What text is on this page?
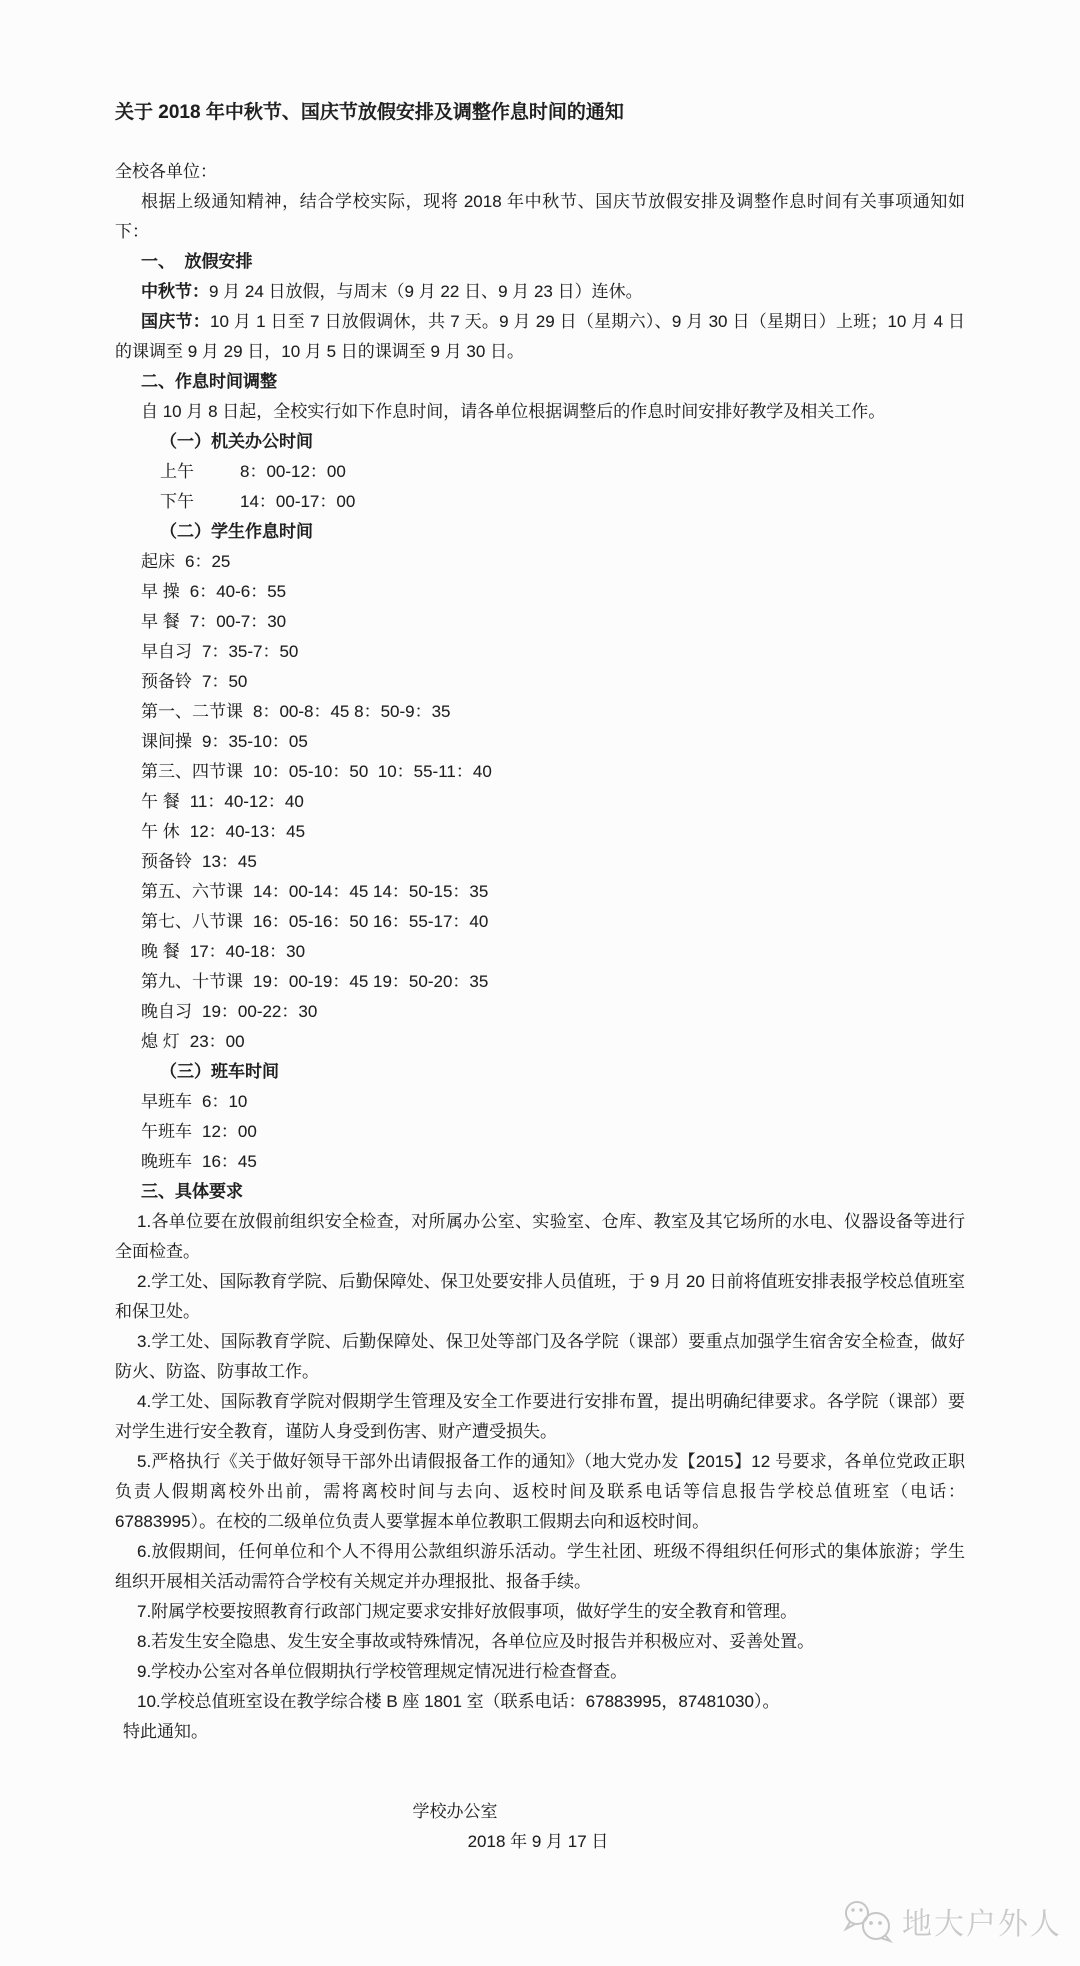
关于 2018 年中秋节、国庆节放假安排及调整作息时间的通知

全校各单位：

根据上级通知精神，结合学校实际，现将 2018 年中秋节、国庆节放假安排及调整作息时间有关事项通知如下：

一、  放假安排

中秋节：9 月 24 日放假，与周末（9 月 22 日、9 月 23 日）连休。

国庆节：10 月 1 日至 7 日放假调休，共 7 天。9 月 29 日（星期六）、9 月 30 日（星期日）上班；10 月 4 日的课调至 9 月 29 日，10 月 5 日的课调至 9 月 30 日。

二、作息时间调整

自 10 月 8 日起，全校实行如下作息时间，请各单位根据调整后的作息时间安排好教学及相关工作。

（一）机关办公时间

上午	8：00-12：00
下午	14：00-17：00

（二）学生作息时间

起床 6：25
早 操 6：40-6：55
早 餐 7：00-7：30
早自习 7：35-7：50
预备铃 7：50
第一、二节课 8：00-8：45 8：50-9：35
课间操 9：35-10：05
第三、四节课 10：05-10：50  10：55-11：40
午 餐 11：40-12：40
午 休 12：40-13：45
预备铃 13：45
第五、六节课 14：00-14：45 14：50-15：35
第七、八节课 16：05-16：50 16：55-17：40
晚 餐 17：40-18：30
第九、十节课 19：00-19：45 19：50-20：35
晚自习 19：00-22：30
熄 灯 23：00

（三）班车时间

早班车 6：10
午班车 12：00
晚班车 16：45

三、具体要求

1.各单位要在放假前组织安全检查，对所属办公室、实验室、仓库、教室及其它场所的水电、仪器设备等进行全面检查。

2.学工处、国际教育学院、后勤保障处、保卫处要安排人员值班，于 9 月 20 日前将值班安排表报学校总值班室和保卫处。

3.学工处、国际教育学院、后勤保障处、保卫处等部门及各学院（课部）要重点加强学生宿舍安全检查，做好防火、防盗、防事故工作。

4.学工处、国际教育学院对假期学生管理及安全工作要进行安排布置，提出明确纪律要求。各学院（课部）要对学生进行安全教育，谨防人身受到伤害、财产遭受损失。

5.严格执行《关于做好领导干部外出请假报备工作的通知》（地大党办发【2015】12 号要求，各单位党政正职负责人假期离校外出前，需将离校时间与去向、返校时间及联系电话等信息报告学校总值班室（电话：67883995）。在校的二级单位负责人要掌握本单位教职工假期去向和返校时间。

6.放假期间，任何单位和个人不得用公款组织游乐活动。学生社团、班级不得组织任何形式的集体旅游；学生组织开展相关活动需符合学校有关规定并办理报批、报备手续。

7.附属学校要按照教育行政部门规定要求安排好放假事项，做好学生的安全教育和管理。

8.若发生安全隐患、发生安全事故或特殊情况，各单位应及时报告并积极应对、妥善处置。

9.学校办公室对各单位假期执行学校管理规定情况进行检查督查。

10.学校总值班室设在教学综合楼 B 座 1801 室（联系电话：67883995，87481030）。

特此通知。

学校办公室
2018 年 9 月 17 日
地大户外人
